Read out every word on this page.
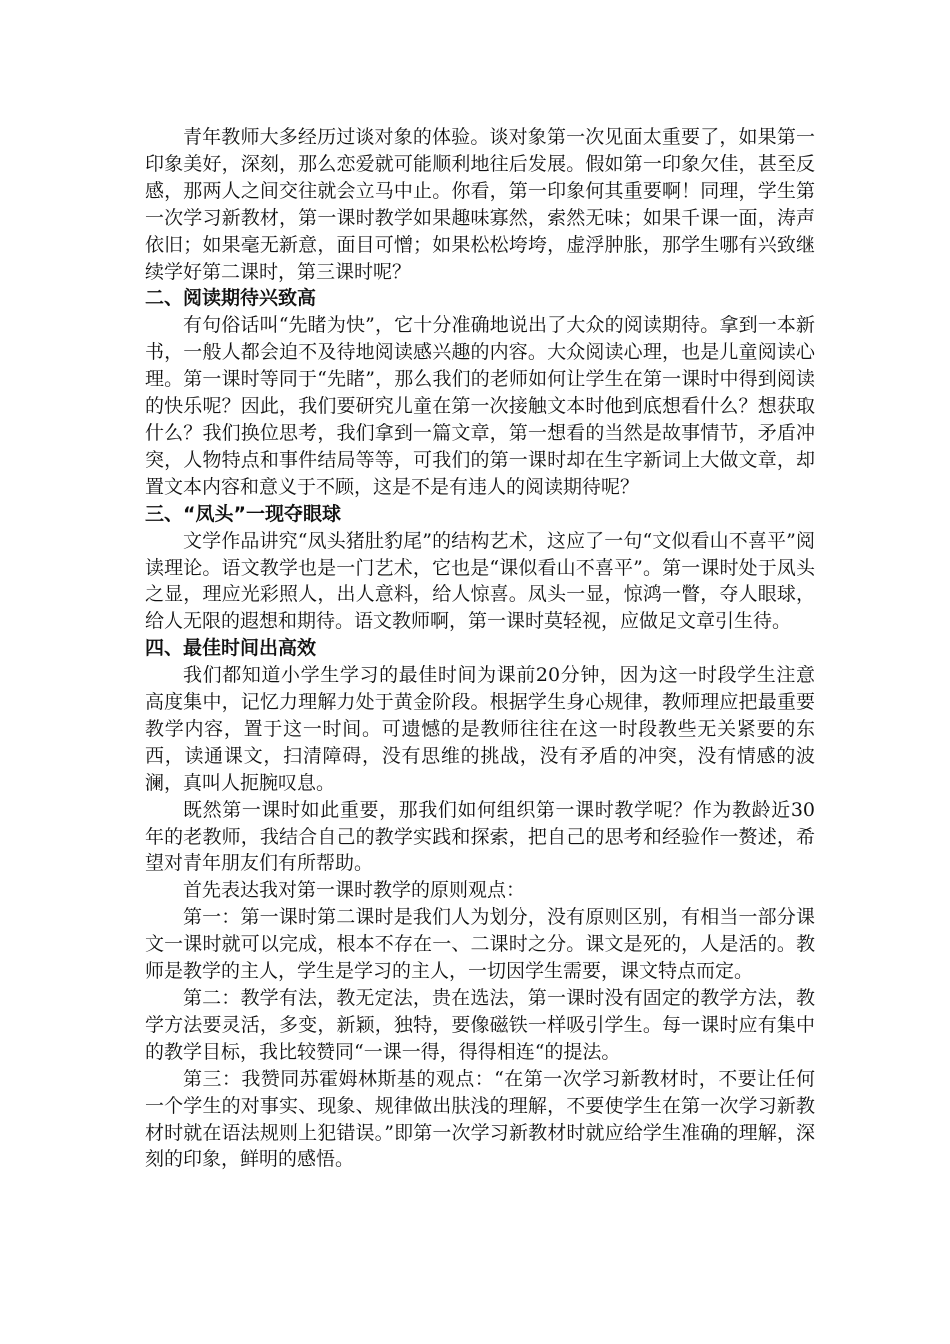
青年教师大多经历过谈对象的体验。谈对象第一次见面太重要了，如果第一印象美好，深刻，那么恋爱就可能顺利地往后发展。假如第一印象欠佳，甚至反感，那两人之间交往就会立马中止。你看，第一印象何其重要啊！同理，学生第一次学习新教材，第一课时教学如果趣味寡然，索然无味；如果千课一面，涛声依旧；如果毫无新意，面目可憎；如果松松垮垮，虚浮肿胀，那学生哪有兴致继续学好第二课时，第三课时呢？

二、阅读期待兴致高

有句俗话叫“先睹为快”，它十分准确地说出了大众的阅读期待。拿到一本新书，一般人都会迫不及待地阅读感兴趣的内容。大众阅读心理，也是儿童阅读心理。第一课时等同于“先睹”，那么我们的老师如何让学生在第一课时中得到阅读的快乐呢？因此，我们要研究儿童在第一次接触文本时他到底想看什么？想获取什么？我们换位思考，我们拿到一篇文章，第一想看的当然是故事情节，矛盾冲突，人物特点和事件结局等等，可我们的第一课时却在生字新词上大做文章，却置文本内容和意义于不顾，这是不是有违人的阅读期待呢？

三、“凤头”一现夺眼球

文学作品讲究“凤头猪肚豹尾”的结构艺术，这应了一句“文似看山不喜平”阅读理论。语文教学也是一门艺术，它也是“课似看山不喜平”。第一课时处于凤头之显，理应光彩照人，出人意料，给人惊喜。凤头一显，惊鸿一瞥，夺人眼球，给人无限的遐想和期待。语文教师啊，第一课时莫轻视，应做足文章引生待。

四、最佳时间出高效

我们都知道小学生学习的最佳时间为课前20分钟，因为这一时段学生注意高度集中，记忆力理解力处于黄金阶段。根据学生身心规律，教师理应把最重要教学内容，置于这一时间。可遗憾的是教师往往在这一时段教些无关紧要的东西，读通课文，扫清障碍，没有思维的挑战，没有矛盾的冲突，没有情感的波澜，真叫人扼腕叹息。

既然第一课时如此重要，那我们如何组织第一课时教学呢？作为教龄近30年的老教师，我结合自己的教学实践和探索，把自己的思考和经验作一赘述，希望对青年朋友们有所帮助。

首先表达我对第一课时教学的原则观点：

第一：第一课时第二课时是我们人为划分，没有原则区别，有相当一部分课文一课时就可以完成，根本不存在一、二课时之分。课文是死的，人是活的。教师是教学的主人，学生是学习的主人，一切因学生需要，课文特点而定。

第二：教学有法，教无定法，贵在选法，第一课时没有固定的教学方法，教学方法要灵活，多变，新颖，独特，要像磁铁一样吸引学生。每一课时应有集中的教学目标，我比较赞同“一课一得，得得相连“的提法。

第三：我赞同苏霍姆林斯基的观点：“在第一次学习新教材时，不要让任何一个学生的对事实、现象、规律做出肤浅的理解，不要使学生在第一次学习新教材时就在语法规则上犯错误。”即第一次学习新教材时就应给学生准确的理解，深刻的印象，鲜明的感悟。
